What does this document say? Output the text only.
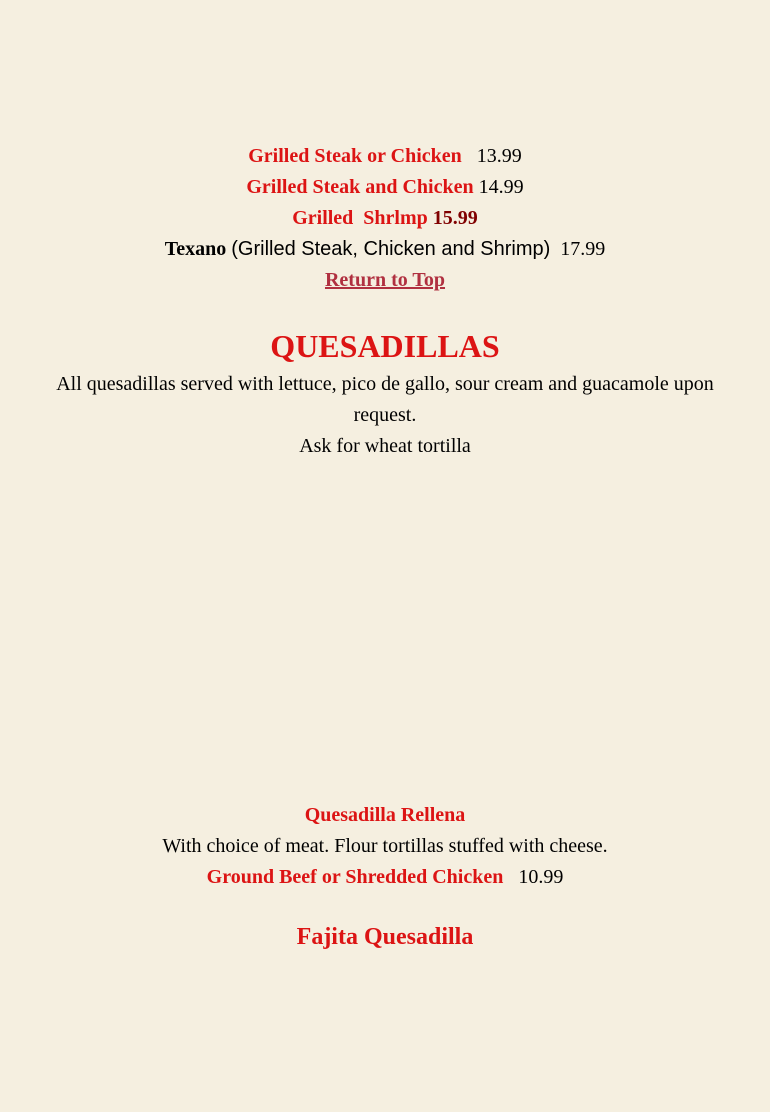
Grilled Steak or Chicken 13.99
Grilled Steak and Chicken 14.99
Grilled  Shrlmp 15.99
Texano (Grilled Steak, Chicken and Shrimp) 17.99
Return to Top
QUESADILLAS
All quesadillas served with lettuce, pico de gallo, sour cream and guacamole upon request.
Ask for wheat tortilla
Quesadilla Rellena
With choice of meat. Flour tortillas stuffed with cheese.
Ground Beef or Shredded Chicken 10.99
Fajita Quesadilla
